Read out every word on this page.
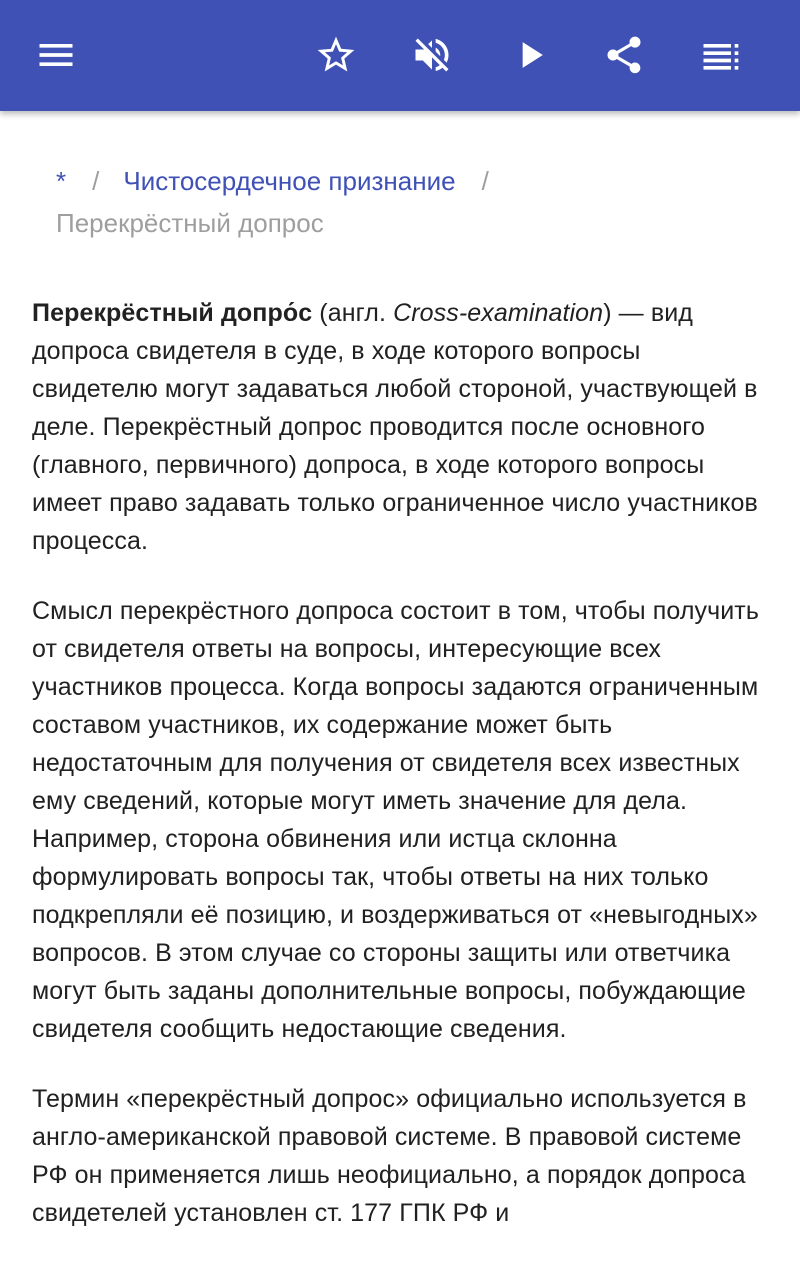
* / Чистосердечное признание /
Перекрёстный допрос

Перекрёстный допро́с (англ. Cross-examination) — вид допроса свидетеля в суде, в ходе которого вопросы свидетелю могут задаваться любой стороной, участвующей в деле. Перекрёстный допрос проводится после основного (главного, первичного) допроса, в ходе которого вопросы имеет право задавать только ограниченное число участников процесса.

Смысл перекрёстного допроса состоит в том, чтобы получить от свидетеля ответы на вопросы, интересующие всех участников процесса. Когда вопросы задаются ограниченным составом участников, их содержание может быть недостаточным для получения от свидетеля всех известных ему сведений, которые могут иметь значение для дела. Например, сторона обвинения или истца склонна формулировать вопросы так, чтобы ответы на них только подкрепляли её позицию, и воздерживаться от «невыгодных» вопросов. В этом случае со стороны защиты или ответчика могут быть заданы дополнительные вопросы, побуждающие свидетеля сообщить недостающие сведения.

Термин «перекрёстный допрос» официально используется в англо-американской правовой системе. В правовой системе РФ он применяется лишь неофициально, а порядок допроса свидетелей установлен ст. 177 ГПК РФ и
